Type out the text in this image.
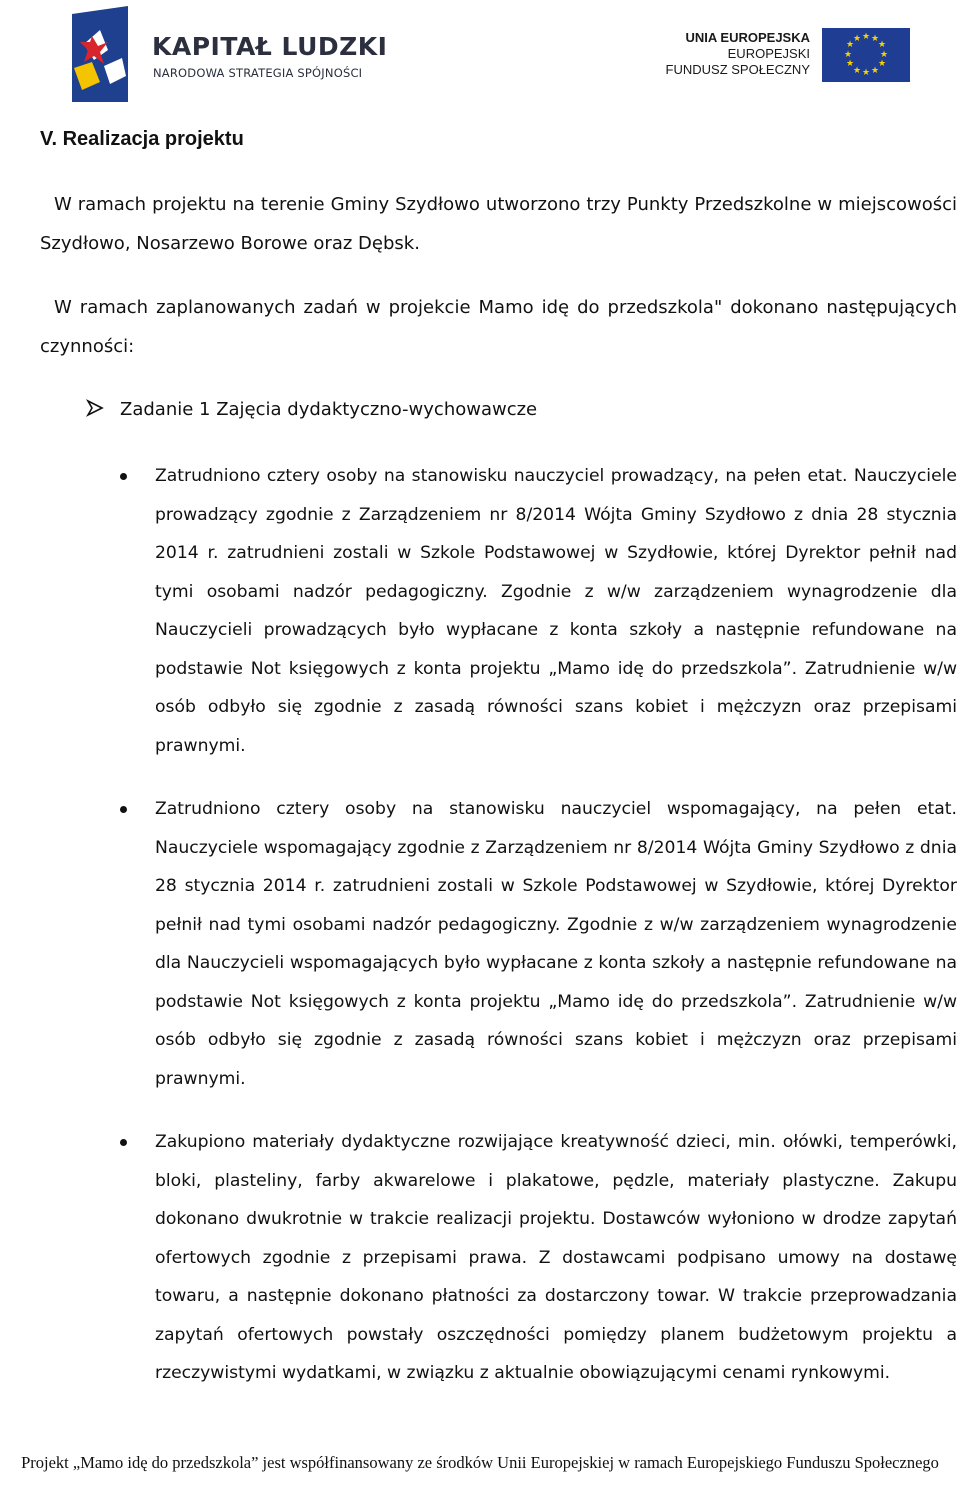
KAPITAŁ LUDZKI
NARODOWA STRATEGIA SPÓJNOŚCI
UNIA EUROPEJSKA
EUROPEJSKI
FUNDUSZ SPOŁECZNY
★ ★
★
★
★
★
★
★
★
★
★
★
V. Realizacja projektu

W ramach projektu na terenie Gminy Szydłowo utworzono trzy Punkty Przedszkolne w miejscowości Szydłowo, Nosarzewo Borowe oraz Dębsk.

W ramach zaplanowanych zadań w projekcie Mamo idę do przedszkola" dokonano następujących czynności:

Zadanie 1 Zajęcia dydaktyczno-wychowawcze

Zatrudniono cztery osoby na stanowisku nauczyciel prowadzący, na pełen etat. Nauczyciele prowadzący zgodnie z Zarządzeniem nr 8/2014 Wójta Gminy Szydłowo z dnia 28 stycznia 2014 r. zatrudnieni zostali w Szkole Podstawowej w Szydłowie, której Dyrektor pełnił nad tymi osobami nadzór pedagogiczny. Zgodnie z w/w zarządzeniem wynagrodzenie dla Nauczycieli prowadzących było wypłacane z konta szkoły a następnie refundowane na podstawie Not księgowych z konta projektu „Mamo idę do przedszkola”. Zatrudnienie w/w osób odbyło się zgodnie z zasadą równości szans kobiet i mężczyzn oraz przepisami prawnymi.

Zatrudniono cztery osoby na stanowisku nauczyciel wspomagający, na pełen etat. Nauczyciele wspomagający zgodnie z Zarządzeniem nr 8/2014 Wójta Gminy Szydłowo z dnia 28 stycznia 2014 r. zatrudnieni zostali w Szkole Podstawowej w Szydłowie, której Dyrektor pełnił nad tymi osobami nadzór pedagogiczny. Zgodnie z w/w zarządzeniem wynagrodzenie dla Nauczycieli wspomagających było wypłacane z konta szkoły a następnie refundowane na podstawie Not księgowych z konta projektu „Mamo idę do przedszkola”. Zatrudnienie w/w osób odbyło się zgodnie z zasadą równości szans kobiet i mężczyzn oraz przepisami prawnymi.

Zakupiono materiały dydaktyczne rozwijające kreatywność dzieci, min. ołówki, temperówki, bloki, plasteliny, farby akwarelowe i plakatowe, pędzle, materiały plastyczne. Zakupu dokonano dwukrotnie w trakcie realizacji projektu. Dostawców wyłoniono w drodze zapytań ofertowych zgodnie z przepisami prawa. Z dostawcami podpisano umowy na dostawę towaru, a następnie dokonano płatności za dostarczony towar. W trakcie przeprowadzania zapytań ofertowych powstały oszczędności pomiędzy planem budżetowym projektu a rzeczywistymi wydatkami, w związku z aktualnie obowiązującymi cenami rynkowymi.

Projekt „Mamo idę do przedszkola” jest współfinansowany ze środków Unii Europejskiej w ramach Europejskiego Funduszu Społecznego
